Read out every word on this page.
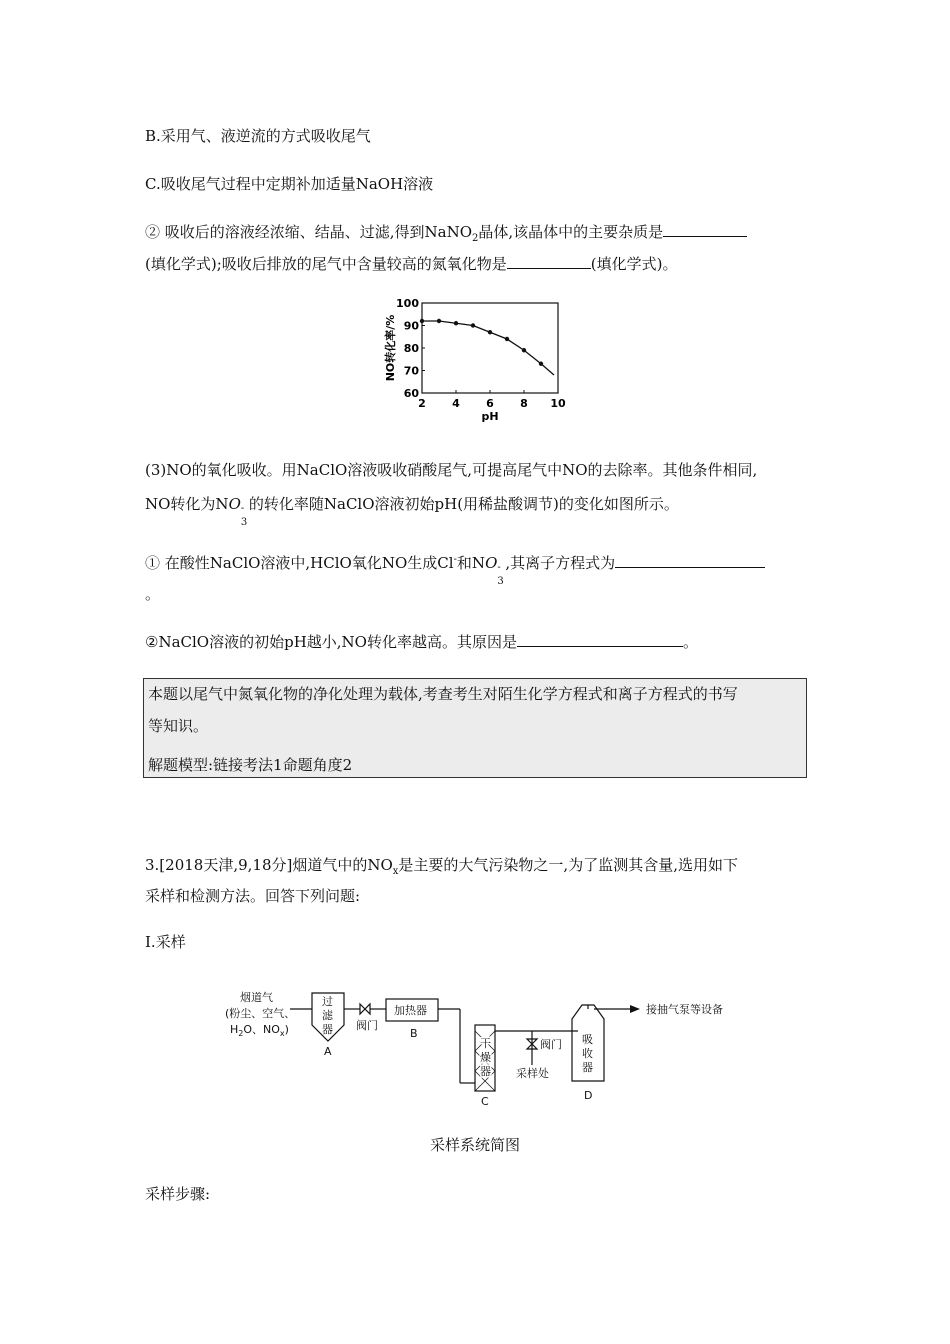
B.采用气、液逆流的方式吸收尾气
C.吸收尾气过程中定期补加适量NaOH溶液
② 吸收后的溶液经浓缩、结晶、过滤,得到NaNO$_2$晶体,该晶体中的主要杂质是
(填化学式);吸收后排放的尾气中含量较高的氮氧化物是	(填化学式)。
2 4 6 8 10
60
70
80
90
100
pH
NO转化率/%
(3)NO的氧化吸收。用NaClO溶液吸收硝酸尾气,可提高尾气中NO的去除率。其他条件相同,
NO转化为NO -
3
的转化率随NaClO溶液初始pH(用稀盐酸调节)的变化如图所示。
① 在酸性NaClO溶液中,HClO氧化NO生成Cl-和NO -
3
,其离子方程式为
。
②NaClO溶液的初始pH越小,NO转化率越高。其原因是	。
本题以尾气中氮氧化物的净化处理为载体,考查考生对陌生化学方程式和离子方程式的书写
等知识。
解题模型:链接考法1命题角度2
3.[2018天津,9,18分]烟道气中的$NO_x$是主要的大气污染物之一,为了监测其含量,选用如下
采样和检测方法。回答下列问题:
Ⅰ.采样
烟道气
(粉尘、空气、
$H_2O$、$NO_x$)
过
滤
器
A
阀门
加热器
B
干
燥
器
C
阀门
采样处
吸
收
器
D
接抽气泵等设备
采样系统简图
采样步骤:
